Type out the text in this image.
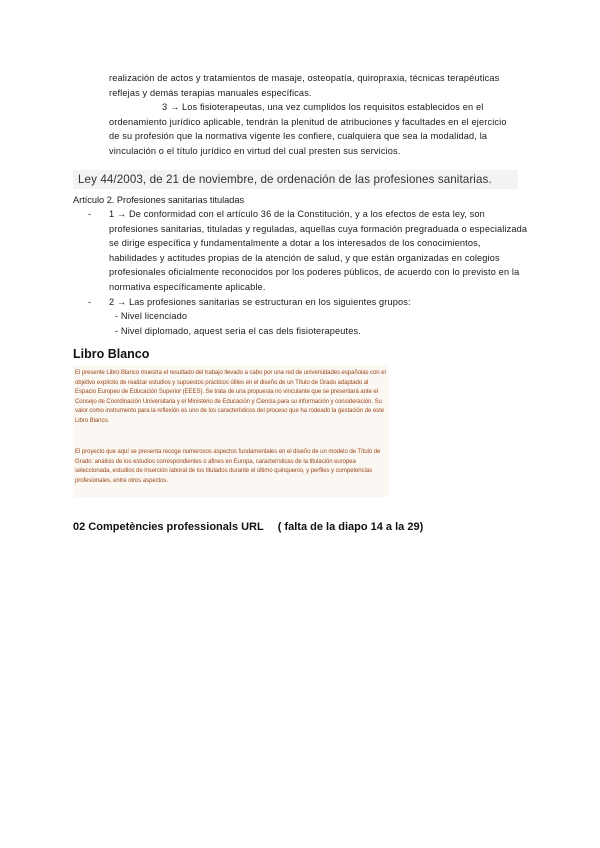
realización de actos y tratamientos de masaje, osteopatía, quiropraxia, técnicas terapéuticas reflejas y demás terapias manuales específicas.

3 → Los fisioterapeutas, una vez cumplidos los requisitos establecidos en el ordenamiento jurídico aplicable, tendrán la plenitud de atribuciones y facultades en el ejercicio de su profesión que la normativa vigente les confiere, cualquiera que sea la modalidad, la vinculación o el título jurídico en virtud del cual presten sus servicios.

Ley 44/2003, de 21 de noviembre, de ordenación de las profesiones sanitarias.
Artículo 2. Profesiones sanitarias tituladas
- 1 → De conformidad con el artículo 36 de la Constitución, y a los efectos de esta ley, son profesiones sanitarias, tituladas y reguladas, aquellas cuya formación pregraduada o especializada se dirige específica y fundamentalmente a dotar a los interesados de los conocimientos, habilidades y actitudes propias de la atención de salud, y que están organizadas en colegios profesionales oficialmente reconocidos por los poderes públicos, de acuerdo con lo previsto en la normativa específicamente aplicable.
- 2 → Las profesiones sanitarias se estructuran en los siguientes grupos:
- Nivel licenciado
- Nivel diplomado, aquest seria el cas dels fisioterapeutes.
Libro Blanco

El presente Libro Blanco muestra el resultado del trabajo llevado a cabo por una red de universidades españolas con el objetivo explícito de realizar estudios y supuestos prácticos útiles en el diseño de un Título de Grado adaptado al Espacio Europeo de Educación Superior (EEES). Se trata de una propuesta no vinculante que se presentará ante el Consejo de Coordinación Universitaria y el Ministerio de Educación y Ciencia para su información y consideración. Su valor como instrumento para la reflexión es uno de los característicos del proceso que ha rodeado la gestación de este Libro Blanco.

El proyecto que aquí se presenta recoge numerosos aspectos fundamentales en el diseño de un modelo de Título de Grado: análisis de los estudios correspondientes o afines en Europa, características de la titulación europea seleccionada, estudios de inserción laboral de los titulados durante el último quinquenio, y perfiles y competencias profesionales, entre otros aspectos.

02 Competències professionals URL ( falta de la diapo 14 a la 29)
